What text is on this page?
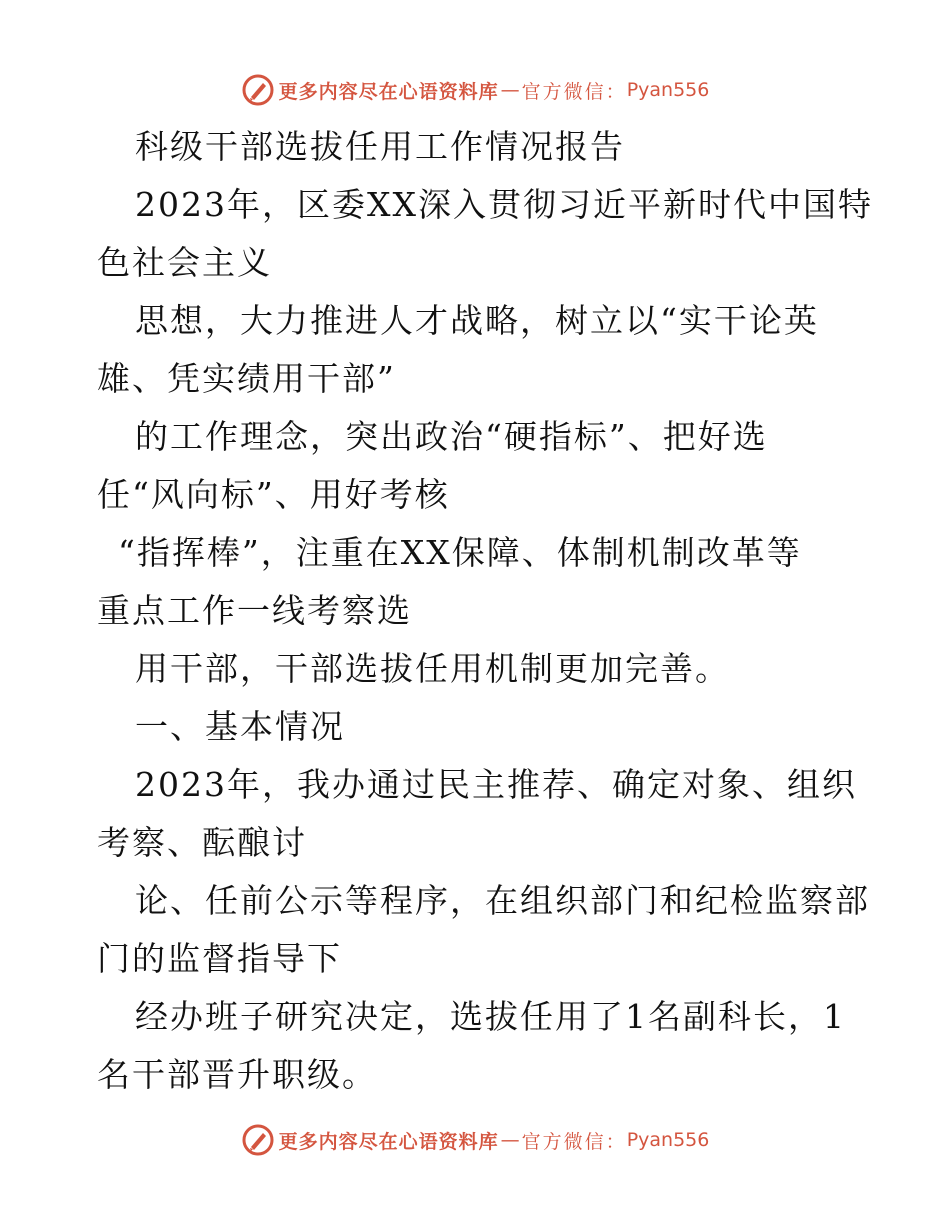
更多内容尽在心语资料库 — 官方微信： Pyan556
科级干部选拔任用工作情况报告
2023年，区委XX深入贯彻习近平新时代中国特
色社会主义
思想，大力推进人才战略，树立以“实干论英
雄、凭实绩用干部”
的工作理念，突出政治“硬指标”、把好选
任“风向标”、用好考核
“指挥棒”，注重在XX保障、体制机制改革等
重点工作一线考察选
用干部，干部选拔任用机制更加完善。
一、基本情况
2023年，我办通过民主推荐、确定对象、组织
考察、酝酿讨
论、任前公示等程序，在组织部门和纪检监察部
门的监督指导下
经办班子研究决定，选拔任用了1名副科长，1
名干部晋升职级。
更多内容尽在心语资料库 — 官方微信： Pyan556
